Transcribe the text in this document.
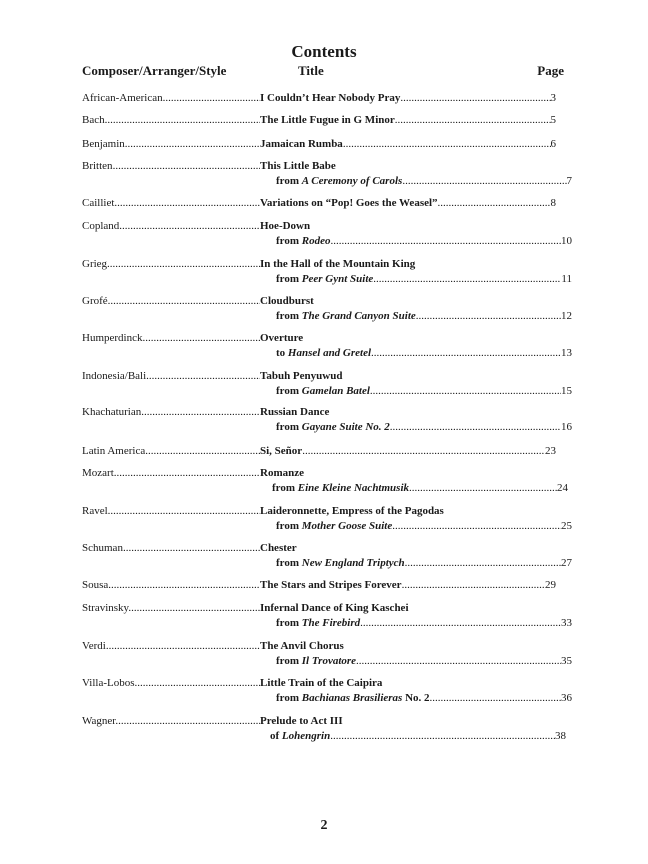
Contents
Composer/Arranger/Style	Title	Page
African-American .....	I Couldn’t Hear Nobody Pray .....	3
Bach .....	The Little Fugue in G Minor .....	5
Benjamin .....	Jamaican Rumba .....	6
Britten .....	This Little Babe
from A Ceremony of Carols .....	7
Cailliet .....	Variations on “Pop! Goes the Weasel” .....	8
Copland .....	Hoe-Down
from Rodeo .....	10
Grieg .....	In the Hall of the Mountain King
from Peer Gynt Suite .....	11
Grofé .....	Cloudburst
from The Grand Canyon Suite .....	12
Humperdinck .....	Overture
to Hansel and Gretel .....	13
Indonesia/Bali .....	Tabuh Penyuwud
from Gamelan Batel .....	15
Khachaturian .....	Russian Dance
from Gayane Suite No. 2 .....	16
Latin America .....	Si, Señor .....	23
Mozart .....	Romanze
from Eine Kleine Nachtmusik .....	24
Ravel .....	Laideronnette, Empress of the Pagodas
from Mother Goose Suite .....	25
Schuman .....	Chester
from New England Triptych .....	27
Sousa .....	The Stars and Stripes Forever .....	29
Stravinsky .....	Infernal Dance of King Kaschei
from The Firebird .....	33
Verdi .....	The Anvil Chorus
from Il Trovatore .....	35
Villa-Lobos .....	Little Train of the Caipira
from Bachianas Brasilieras No. 2 .....	36
Wagner .....	Prelude to Act III
of Lohengrin .....	38
2
